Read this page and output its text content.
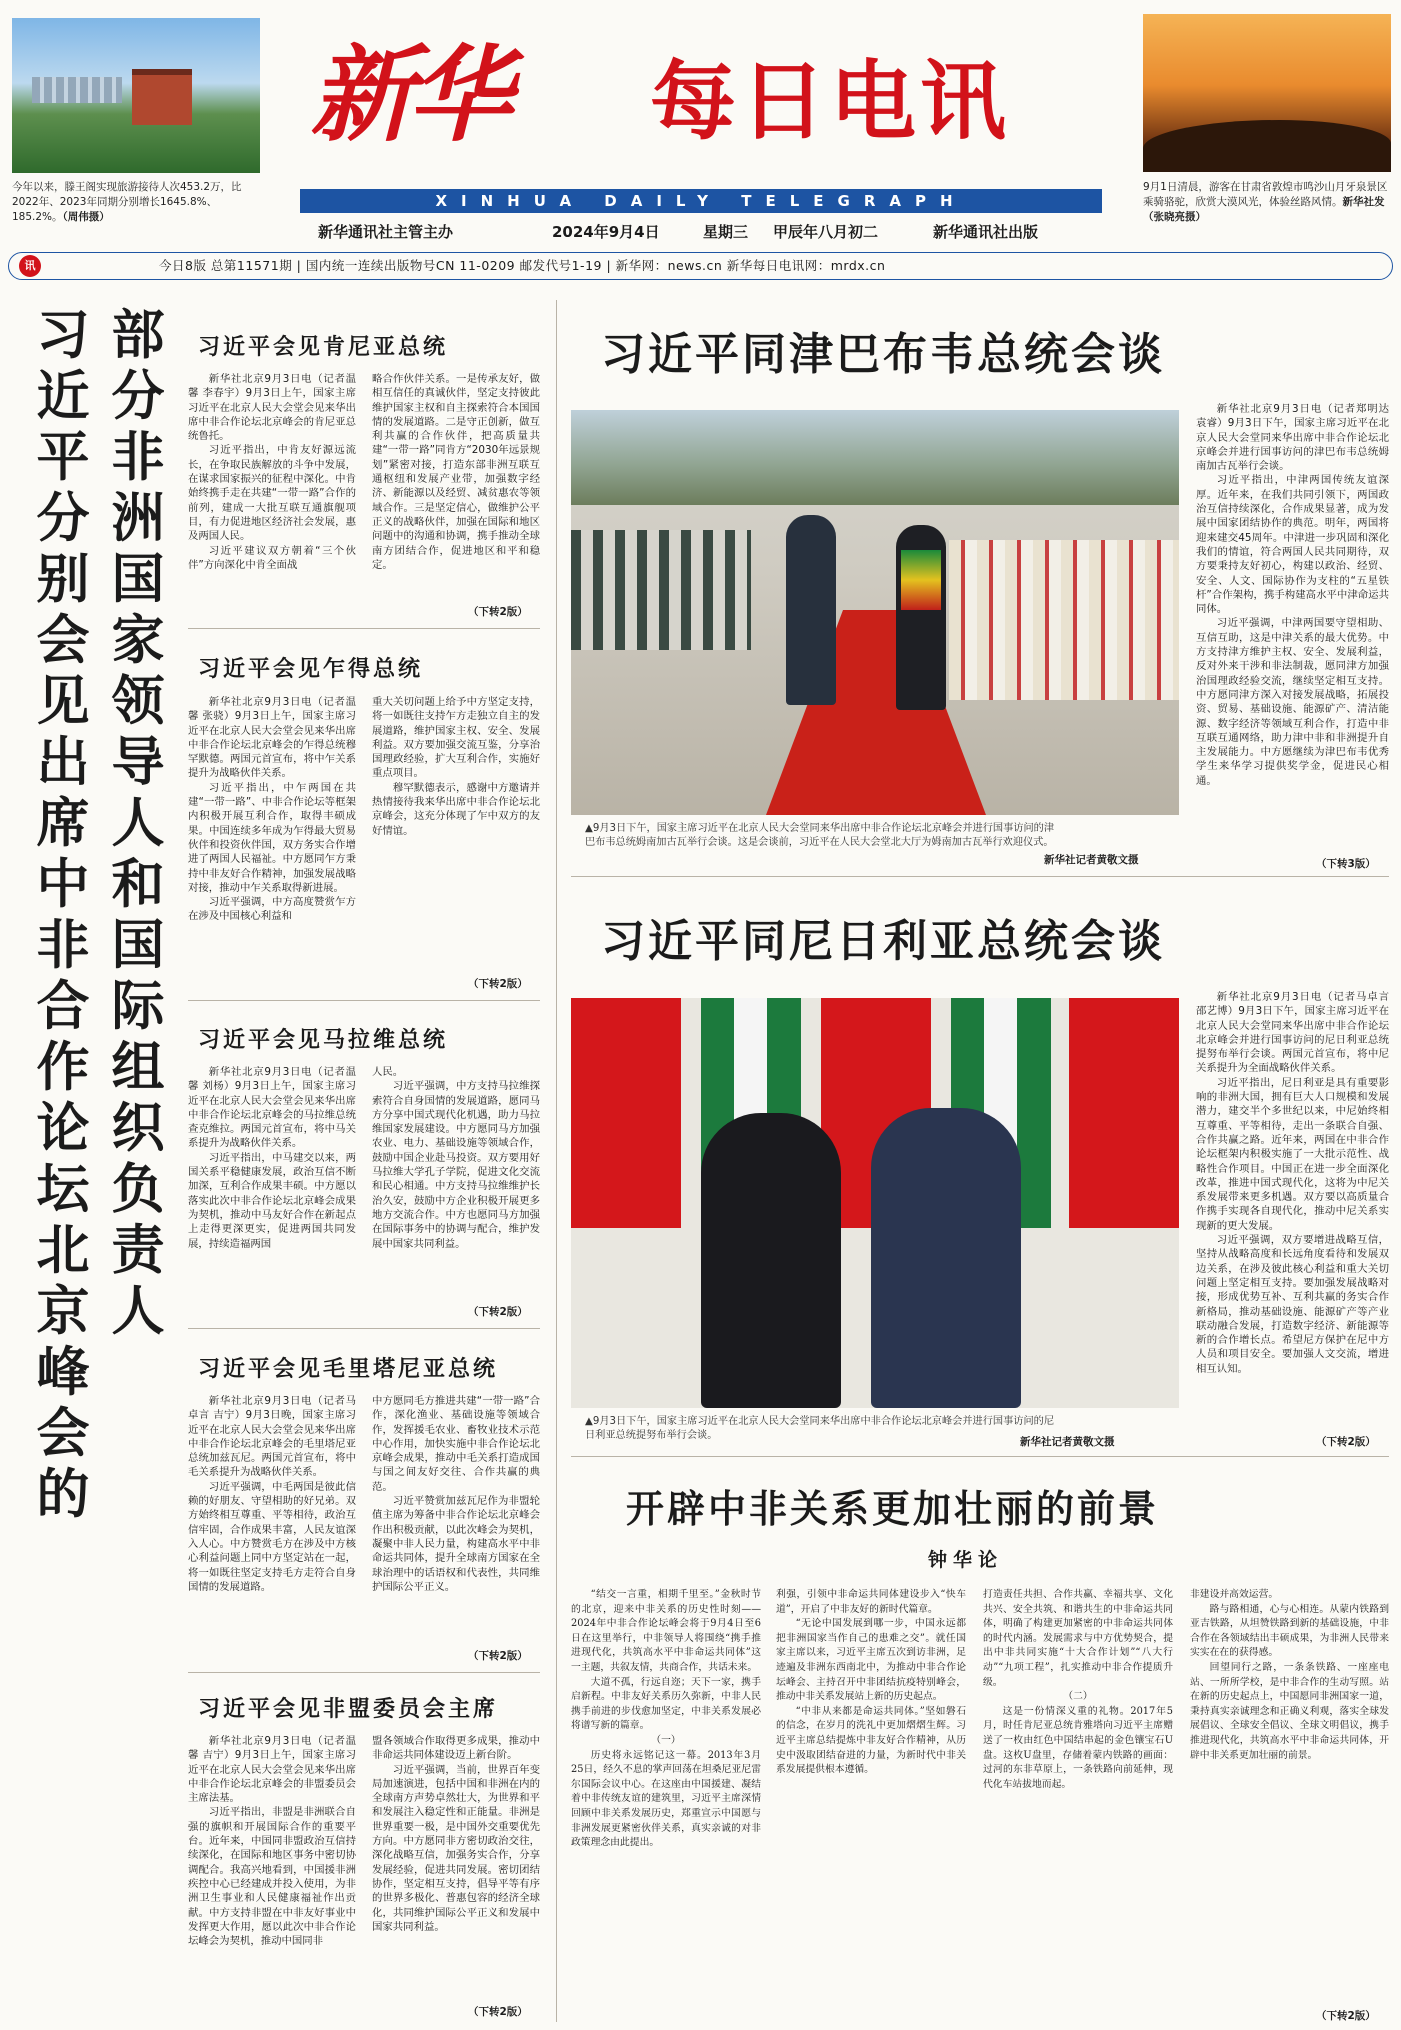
今年以来，滕王阁实现旅游接待人次453.2万，比2022年、2023年同期分别增长1645.8%、185.2%。（周伟摄）
新华 每日电讯
XINHUA DAILY TELEGRAPH
新华通讯社主管主办	2024年9月4日	星期三 甲辰年八月初二	新华通讯社出版
9月1日清晨，游客在甘肃省敦煌市鸣沙山月牙泉景区乘骑骆驼，欣赏大漠风光，体验丝路风情。新华社发（张晓亮摄）
讯	今日8版 总第11571期 | 国内统一连续出版物号CN 11-0209 邮发代号1-19 | 新华网：news.cn 新华每日电讯网：mrdx.cn
部分非洲国家领导人和国际组织负责人
习近平分别会见出席中非合作论坛北京峰会的
习近平会见肯尼亚总统

新华社北京9月3日电（记者温馨 李春宇）9月3日上午，国家主席习近平在北京人民大会堂会见来华出席中非合作论坛北京峰会的肯尼亚总统鲁托。

习近平指出，中肯友好源远流长，在争取民族解放的斗争中发展，在谋求国家振兴的征程中深化。中肯始终携手走在共建“一带一路”合作的前列，建成一大批互联互通旗舰项目，有力促进地区经济社会发展，惠及两国人民。

习近平建议双方朝着“三个伙伴”方向深化中肯全面战

略合作伙伴关系。一是传承友好，做相互信任的真诚伙伴，坚定支持彼此维护国家主权和自主探索符合本国国情的发展道路。二是守正创新，做互利共赢的合作伙伴，把高质量共建“一带一路”同肯方“2030年远景规划”紧密对接，打造东部非洲互联互通枢纽和发展产业带，加强数字经济、新能源以及经贸、减贫惠农等领域合作。三是坚定信心，做维护公平正义的战略伙伴，加强在国际和地区问题中的沟通和协调，携手推动全球南方团结合作，促进地区和平和稳定。

（下转2版）
习近平会见乍得总统

新华社北京9月3日电（记者温馨 张骁）9月3日上午，国家主席习近平在北京人民大会堂会见来华出席中非合作论坛北京峰会的乍得总统穆罕默德。两国元首宣布，将中乍关系提升为战略伙伴关系。

习近平指出，中乍两国在共建“一带一路”、中非合作论坛等框架内积极开展互利合作，取得丰硕成果。中国连续多年成为乍得最大贸易伙伴和投资伙伴国，双方务实合作增进了两国人民福祉。中方愿同乍方秉持中非友好合作精神，加强发展战略对接，推动中乍关系取得新进展。

习近平强调，中方高度赞赏乍方在涉及中国核心利益和

重大关切问题上给予中方坚定支持，将一如既往支持乍方走独立自主的发展道路，维护国家主权、安全、发展利益。双方要加强交流互鉴，分享治国理政经验，扩大互利合作，实施好重点项目。

穆罕默德表示，感谢中方邀请并热情接待我来华出席中非合作论坛北京峰会，这充分体现了乍中双方的友好情谊。

（下转2版）
习近平会见马拉维总统

新华社北京9月3日电（记者温馨 刘杨）9月3日上午，国家主席习近平在北京人民大会堂会见来华出席中非合作论坛北京峰会的马拉维总统查克维拉。两国元首宣布，将中马关系提升为战略伙伴关系。

习近平指出，中马建交以来，两国关系平稳健康发展，政治互信不断加深，互利合作成果丰硕。中方愿以落实此次中非合作论坛北京峰会成果为契机，推动中马友好合作在新起点上走得更深更实，促进两国共同发展，持续造福两国

人民。

习近平强调，中方支持马拉维探索符合自身国情的发展道路，愿同马方分享中国式现代化机遇，助力马拉维国家发展建设。中方愿同马方加强农业、电力、基础设施等领域合作，鼓励中国企业赴马投资。双方要用好马拉维大学孔子学院，促进文化交流和民心相通。中方支持马拉维维护长治久安，鼓励中方企业积极开展更多地方交流合作。中方也愿同马方加强在国际事务中的协调与配合，维护发展中国家共同利益。

（下转2版）
习近平会见毛里塔尼亚总统

新华社北京9月3日电（记者马卓言 吉宁）9月3日晚，国家主席习近平在北京人民大会堂会见来华出席中非合作论坛北京峰会的毛里塔尼亚总统加兹瓦尼。两国元首宣布，将中毛关系提升为战略伙伴关系。

习近平强调，中毛两国是彼此信赖的好朋友、守望相助的好兄弟。双方始终相互尊重、平等相待，政治互信牢固，合作成果丰富，人民友谊深入人心。中方赞赏毛方在涉及中方核心利益问题上同中方坚定站在一起，将一如既往坚定支持毛方走符合自身国情的发展道路。

中方愿同毛方推进共建“一带一路”合作，深化渔业、基础设施等领域合作，发挥援毛农业、畜牧业技术示范中心作用，加快实施中非合作论坛北京峰会成果，推动中毛关系打造成国与国之间友好交往、合作共赢的典范。

习近平赞赏加兹瓦尼作为非盟轮值主席为筹备中非合作论坛北京峰会作出积极贡献，以此次峰会为契机，凝聚中非人民力量，构建高水平中非命运共同体，提升全球南方国家在全球治理中的话语权和代表性，共同维护国际公平正义。

（下转2版）
习近平会见非盟委员会主席

新华社北京9月3日电（记者温馨 吉宁）9月3日上午，国家主席习近平在北京人民大会堂会见来华出席中非合作论坛北京峰会的非盟委员会主席法基。

习近平指出，非盟是非洲联合自强的旗帜和开展国际合作的重要平台。近年来，中国同非盟政治互信持续深化，在国际和地区事务中密切协调配合。我高兴地看到，中国援非洲疾控中心已经建成并投入使用，为非洲卫生事业和人民健康福祉作出贡献。中方支持非盟在中非友好事业中发挥更大作用，愿以此次中非合作论坛峰会为契机，推动中国同非

盟各领域合作取得更多成果，推动中非命运共同体建设迈上新台阶。

习近平强调，当前，世界百年变局加速演进，包括中国和非洲在内的全球南方声势卓然壮大，为世界和平和发展注入稳定性和正能量。非洲是世界重要一极，是中国外交重要优先方向。中方愿同非方密切政治交往，深化战略互信，加强务实合作，分享发展经验，促进共同发展。密切团结协作，坚定相互支持，倡导平等有序的世界多极化、普惠包容的经济全球化，共同维护国际公平正义和发展中国家共同利益。

（下转2版）
习近平同津巴布韦总统会谈
▲9月3日下午，国家主席习近平在北京人民大会堂同来华出席中非合作论坛北京峰会并进行国事访问的津巴布韦总统姆南加古瓦举行会谈。这是会谈前，习近平在人民大会堂北大厅为姆南加古瓦举行欢迎仪式。
新华社记者黄敬文摄

新华社北京9月3日电（记者郑明达 袁睿）9月3日下午，国家主席习近平在北京人民大会堂同来华出席中非合作论坛北京峰会并进行国事访问的津巴布韦总统姆南加古瓦举行会谈。

习近平指出，中津两国传统友谊深厚。近年来，在我们共同引领下，两国政治互信持续深化，合作成果显著，成为发展中国家团结协作的典范。明年，两国将迎来建交45周年。中津进一步巩固和深化我们的情谊，符合两国人民共同期待，双方要秉持友好初心，构建以政治、经贸、安全、人文、国际协作为支柱的“五星铁杆”合作架构，携手构建高水平中津命运共同体。

习近平强调，中津两国要守望相助、互信互助，这是中津关系的最大优势。中方支持津方维护主权、安全、发展利益，反对外来干涉和非法制裁，愿同津方加强治国理政经验交流，继续坚定相互支持。中方愿同津方深入对接发展战略，拓展投资、贸易、基础设施、能源矿产、清洁能源、数字经济等领域互利合作，打造中非互联互通网络，助力津中非和非洲提升自主发展能力。中方愿继续为津巴布韦优秀学生来华学习提供奖学金，促进民心相通。

（下转3版）
习近平同尼日利亚总统会谈
▲9月3日下午，国家主席习近平在北京人民大会堂同来华出席中非合作论坛北京峰会并进行国事访问的尼日利亚总统提努布举行会谈。
新华社记者黄敬文摄

新华社北京9月3日电（记者马卓言 邵艺博）9月3日下午，国家主席习近平在北京人民大会堂同来华出席中非合作论坛北京峰会并进行国事访问的尼日利亚总统提努布举行会谈。两国元首宣布，将中尼关系提升为全面战略伙伴关系。

习近平指出，尼日利亚是具有重要影响的非洲大国，拥有巨大人口规模和发展潜力，建交半个多世纪以来，中尼始终相互尊重、平等相待，走出一条联合自强、合作共赢之路。近年来，两国在中非合作论坛框架内积极实施了一大批示范性、战略性合作项目。中国正在进一步全面深化改革，推进中国式现代化，这将为中尼关系发展带来更多机遇。双方要以高质量合作携手实现各自现代化，推动中尼关系实现新的更大发展。

习近平强调，双方要增进战略互信，坚持从战略高度和长远角度看待和发展双边关系，在涉及彼此核心利益和重大关切问题上坚定相互支持。要加强发展战略对接，形成优势互补、互利共赢的务实合作新格局，推动基础设施、能源矿产等产业联动融合发展，打造数字经济、新能源等新的合作增长点。希望尼方保护在尼中方人员和项目安全。要加强人文交流，增进相互认知。

（下转2版）
开辟中非关系更加壮丽的前景
钟华论

“结交一言重，相期千里至。”金秋时节的北京，迎来中非关系的历史性时刻——2024年中非合作论坛峰会将于9月4日至6日在这里举行，中非领导人将围绕“携手推进现代化，共筑高水平中非命运共同体”这一主题，共叙友情，共商合作，共话未来。

大道不孤，行远自迩；天下一家，携手启新程。中非友好关系历久弥新，中非人民携手前进的步伐愈加坚定，中非关系发展必将谱写新的篇章。

（一）

历史将永远铭记这一幕。2013年3月25日，经久不息的掌声回荡在坦桑尼亚尼雷尔国际会议中心。在这座由中国援建、凝结着中非传统友谊的建筑里，习近平主席深情回顾中非关系发展历史，郑重宣示中国愿与非洲发展更紧密伙伴关系，真实亲诚的对非政策理念由此提出。

利强，引领中非命运共同体建设步入“快车道”，开启了中非友好的新时代篇章。

“无论中国发展到哪一步，中国永远都把非洲国家当作自己的患难之交”。就任国家主席以来，习近平主席五次到访非洲，足迹遍及非洲东西南北中，为推动中非合作论坛峰会、主持召开中非团结抗疫特别峰会，推动中非关系发展站上新的历史起点。

“中非从来都是命运共同体。”坚如磐石的信念，在岁月的洗礼中更加熠熠生辉。习近平主席总结提炼中非友好合作精神，从历史中汲取团结奋进的力量，为新时代中非关系发展提供根本遵循。

打造责任共担、合作共赢、幸福共享、文化共兴、安全共筑、和谐共生的中非命运共同体，明确了构建更加紧密的中非命运共同体的时代内涵。发展需求与中方优势契合，提出中非共同实施“十大合作计划”“八大行动”“九项工程”，扎实推动中非合作提质升级。

（二）

这是一份情深义重的礼物。2017年5月，时任肯尼亚总统肯雅塔向习近平主席赠送了一枚由红色中国结串起的金色镶宝石U盘。这枚U盘里，存储着蒙内铁路的画面：过河的东非草原上，一条铁路向前延伸，现代化车站拔地而起。

非建设并高效运营。

路与路相通，心与心相连。从蒙内铁路到亚吉铁路，从坦赞铁路到新的基础设施，中非合作在各领域结出丰硕成果，为非洲人民带来实实在在的获得感。

回望同行之路，一条条铁路、一座座电站、一所所学校，是中非合作的生动写照。站在新的历史起点上，中国愿同非洲国家一道，秉持真实亲诚理念和正确义利观，落实全球发展倡议、全球安全倡议、全球文明倡议，携手推进现代化，共筑高水平中非命运共同体，开辟中非关系更加壮丽的前景。

（下转2版）
